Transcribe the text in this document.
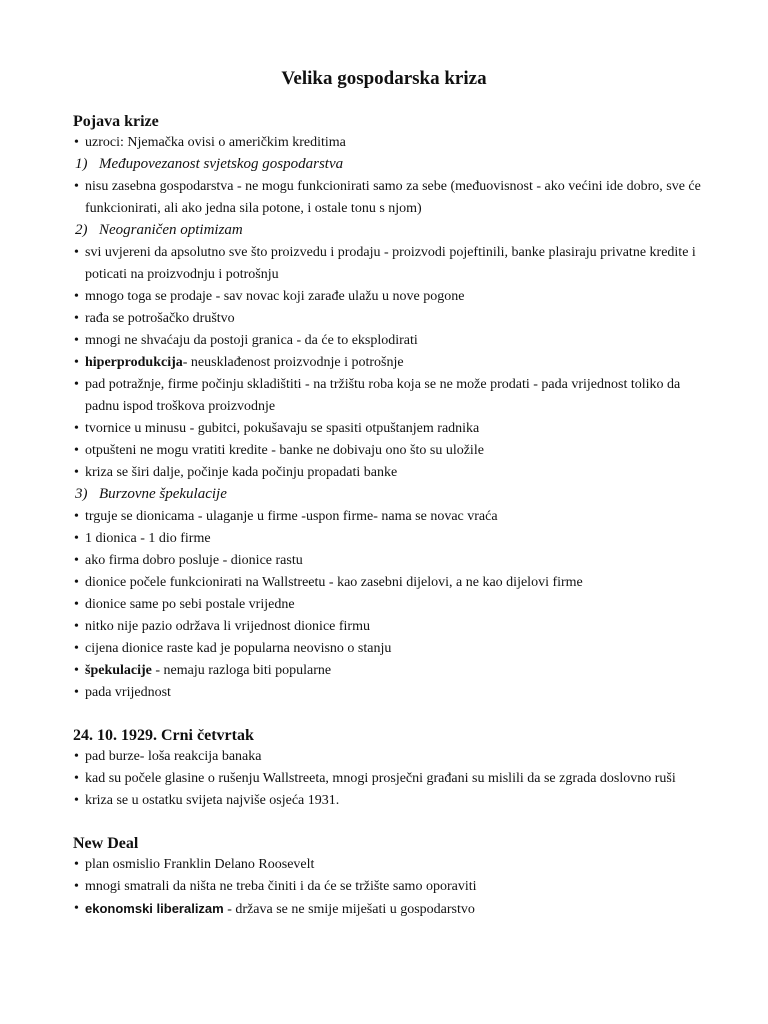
Velika gospodarska kriza
Pojava krize
• uzroci: Njemačka ovisi o američkim kreditima
1) Međupovezanost svjetskog gospodarstva
• nisu zasebna gospodarstva - ne mogu funkcionirati samo za sebe (međuovisnost - ako većini ide dobro, sve će funkcionirati, ali ako jedna sila potone, i ostale tonu s njom)
2) Neograničen optimizam
• svi uvjereni da apsolutno sve što proizvedu i prodaju - proizvodi pojeftinili, banke plasiraju privatne kredite i poticati na proizvodnju i potrošnju
• mnogo toga se prodaje - sav novac koji zarađe ulažu u nove pogone
• rađa se potrošačko društvo
• mnogi ne shvaćaju da postoji granica - da će to eksplodirati
• hiperprodukcija- neusklađenost proizvodnje i potrošnje
• pad potražnje, firme počinju skladištiti - na tržištu roba koja se ne može prodati - pada vrijednost toliko da padnu ispod troškova proizvodnje
• tvornice u minusu - gubitci, pokušavaju se spasiti otpuštanjem radnika
• otpušteni ne mogu vratiti kredite - banke ne dobivaju ono što su uložile
• kriza se širi dalje, počinje kada počinju propadati banke
3) Burzovne špekulacije
• trguje se dionicama - ulaganje u firme -uspon firme- nama se novac vraća
• 1 dionica - 1 dio firme
• ako firma dobro posluje - dionice rastu
• dionice počele funkcionirati na Wallstreetu - kao zasebni dijelovi, a ne kao dijelovi firme
• dionice same po sebi postale vrijedne
• nitko nije pazio održava li vrijednost dionice firmu
• cijena dionice raste kad je popularna neovisno o stanju
• špekulacije - nemaju razloga biti popularne
• pada vrijednost
24. 10. 1929. Crni četvrtak
• pad burze- loša reakcija banaka
• kad su počele glasine o rušenju Wallstreeta, mnogi prosječni građani su mislili da se zgrada doslovno ruši
• kriza se u ostatku svijeta najviše osjeća 1931.
New Deal
• plan osmislio Franklin Delano Roosevelt
• mnogi smatrali da ništa ne treba činiti i da će se tržište samo oporaviti
• ekonomski liberalizam - država se ne smije miješati u gospodarstvo
